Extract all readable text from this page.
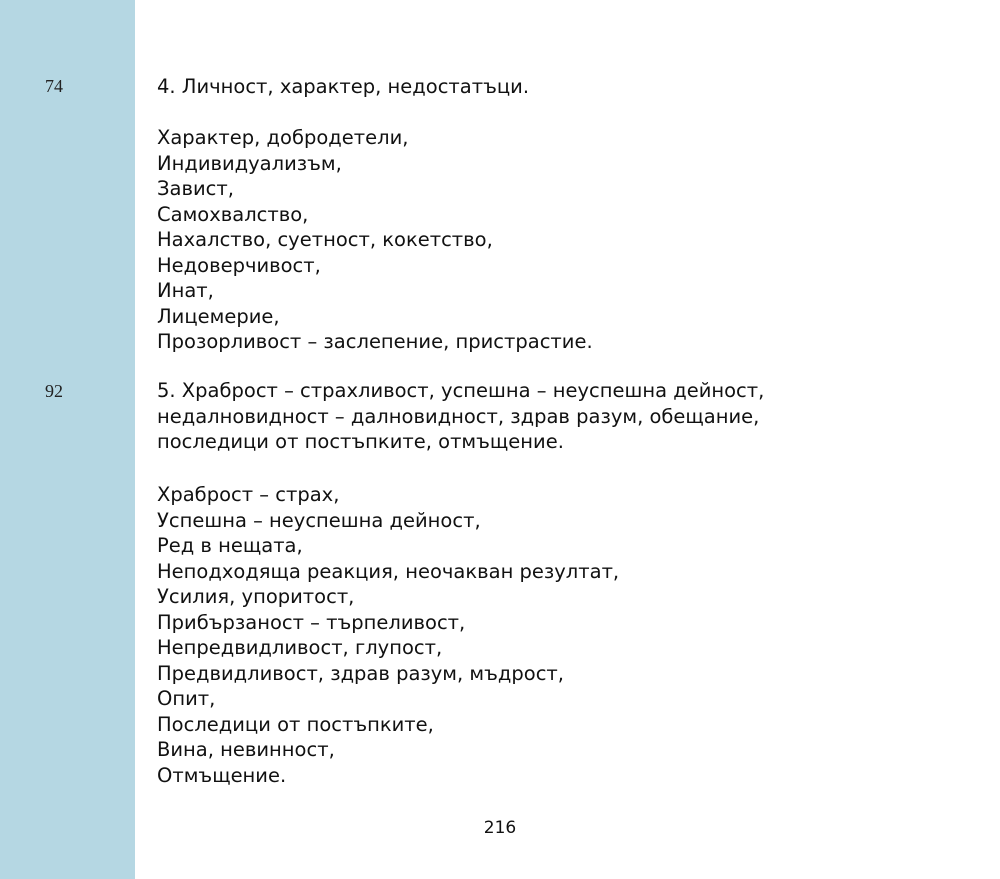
74
92
4. Личност, характер, недостатъци.
Характер, добродетели,
Индивидуализъм,
Завист,
Самохвалство,
Нахалство, суетност, кокетство,
Недоверчивост,
Инат,
Лицемерие,
Прозорливост – заслепение, пристрастие.
5. Храброст – страхливост, успешна – неуспешна дейност,
недалновидност – далновидност, здрав разум, обещание,
последици от постъпките, отмъщение.
Храброст – страх,
Успешна – неуспешна дейност,
Ред в нещата,
Неподходяща реакция, неочакван резултат,
Усилия, упоритост,
Прибързаност – търпеливост,
Непредвидливост, глупост,
Предвидливост, здрав разум, мъдрост,
Опит,
Последици от постъпките,
Вина, невинност,
Отмъщение.
216
